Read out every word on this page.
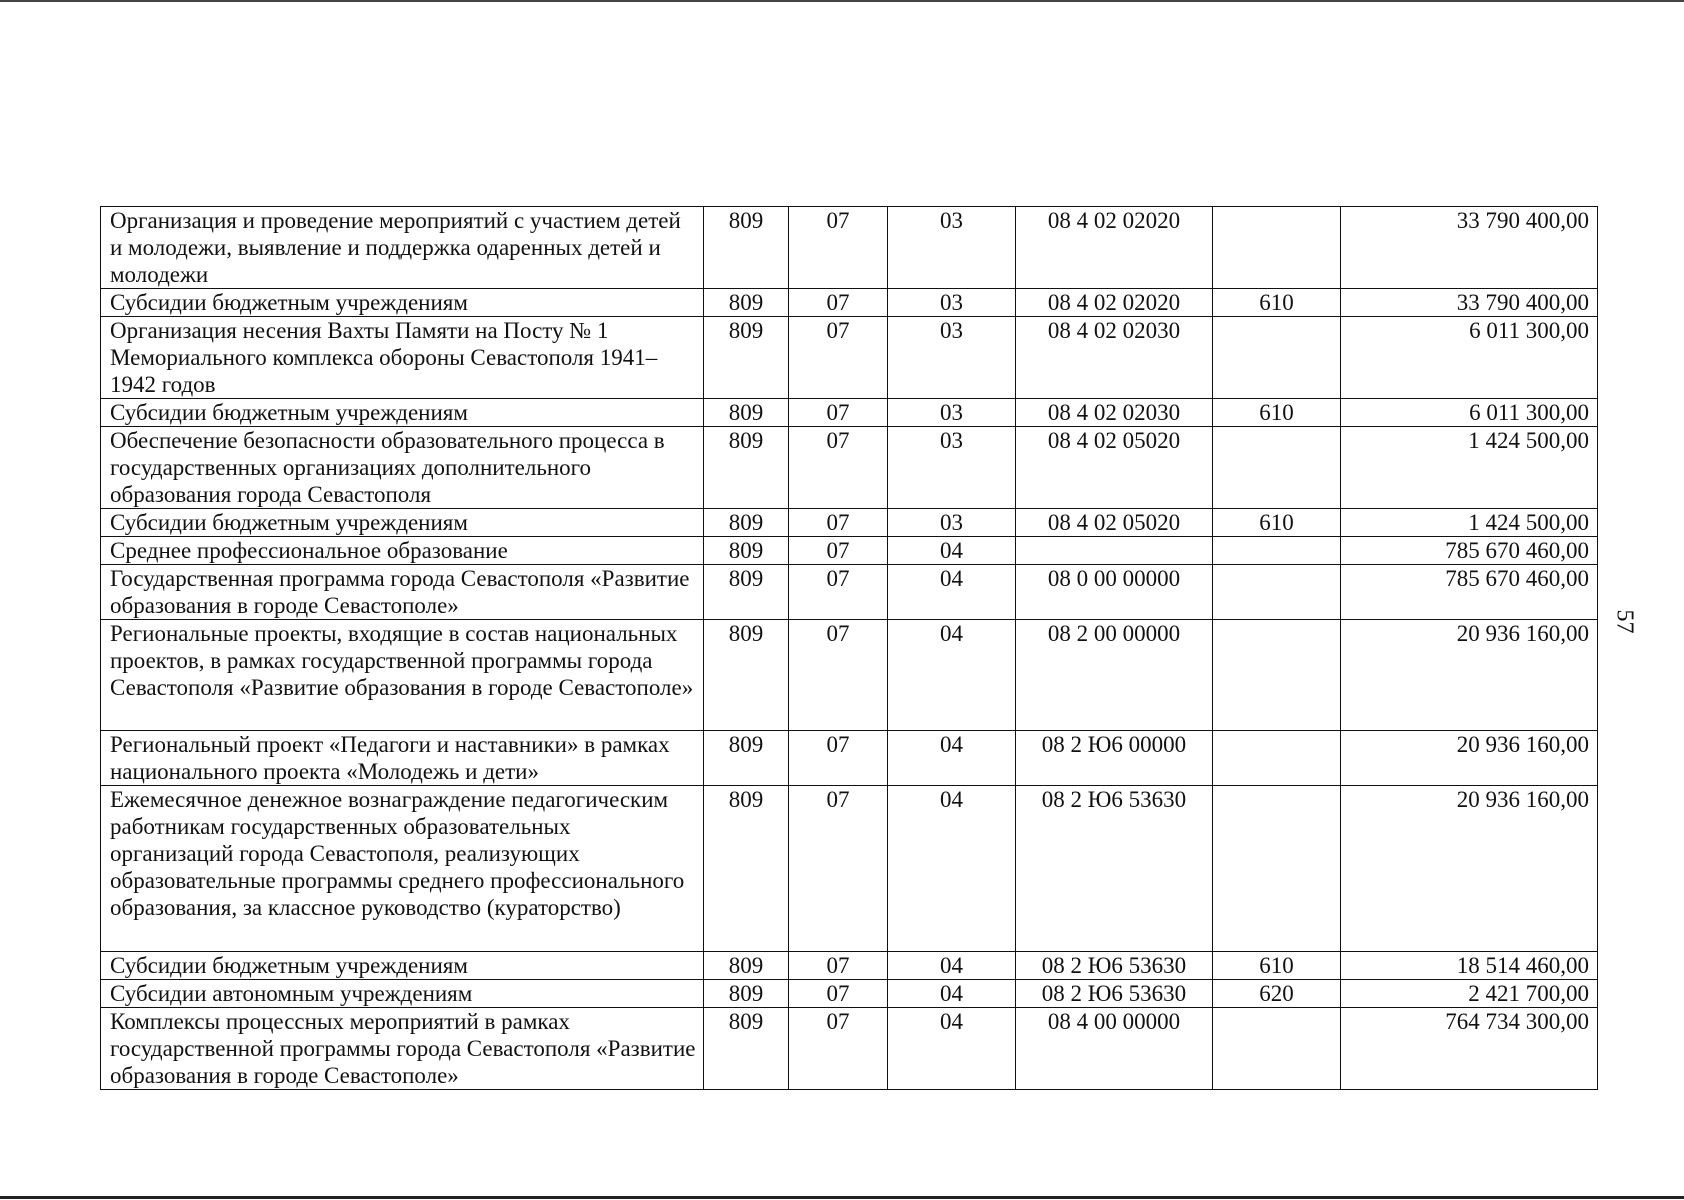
Организация и проведение мероприятий с участием детей и молодежи, выявление и поддержка одаренных детей и молодежи	809	07	03	08 4 02 02020		33 790 400,00
Субсидии бюджетным учреждениям	809	07	03	08 4 02 02020	610	33 790 400,00
Организация несения Вахты Памяти на Посту № 1 Мемориального комплекса обороны Севастополя 1941–1942 годов	809	07	03	08 4 02 02030		6 011 300,00
Субсидии бюджетным учреждениям	809	07	03	08 4 02 02030	610	6 011 300,00
Обеспечение безопасности образовательного процесса в государственных организациях дополнительного образования города Севастополя	809	07	03	08 4 02 05020		1 424 500,00
Субсидии бюджетным учреждениям	809	07	03	08 4 02 05020	610	1 424 500,00
Среднее профессиональное образование	809	07	04			785 670 460,00
Государственная программа города Севастополя «Развитие образования в городе Севастополе»	809	07	04	08 0 00 00000		785 670 460,00
Региональные проекты, входящие в состав национальных проектов, в рамках государственной программы города Севастополя «Развитие образования в городе Севастополе»	809	07	04	08 2 00 00000		20 936 160,00
Региональный проект «Педагоги и наставники» в рамках национального проекта «Молодежь и дети»	809	07	04	08 2 Ю6 00000		20 936 160,00
Ежемесячное денежное вознаграждение педагогическим работникам государственных образовательных организаций города Севастополя, реализующих образовательные программы среднего профессионального образования, за классное руководство (кураторство)	809	07	04	08 2 Ю6 53630		20 936 160,00
Субсидии бюджетным учреждениям	809	07	04	08 2 Ю6 53630	610	18 514 460,00
Субсидии автономным учреждениям	809	07	04	08 2 Ю6 53630	620	2 421 700,00
Комплексы процессных мероприятий в рамках государственной программы города Севастополя «Развитие образования в городе Севастополе»	809	07	04	08 4 00 00000		764 734 300,00
57
